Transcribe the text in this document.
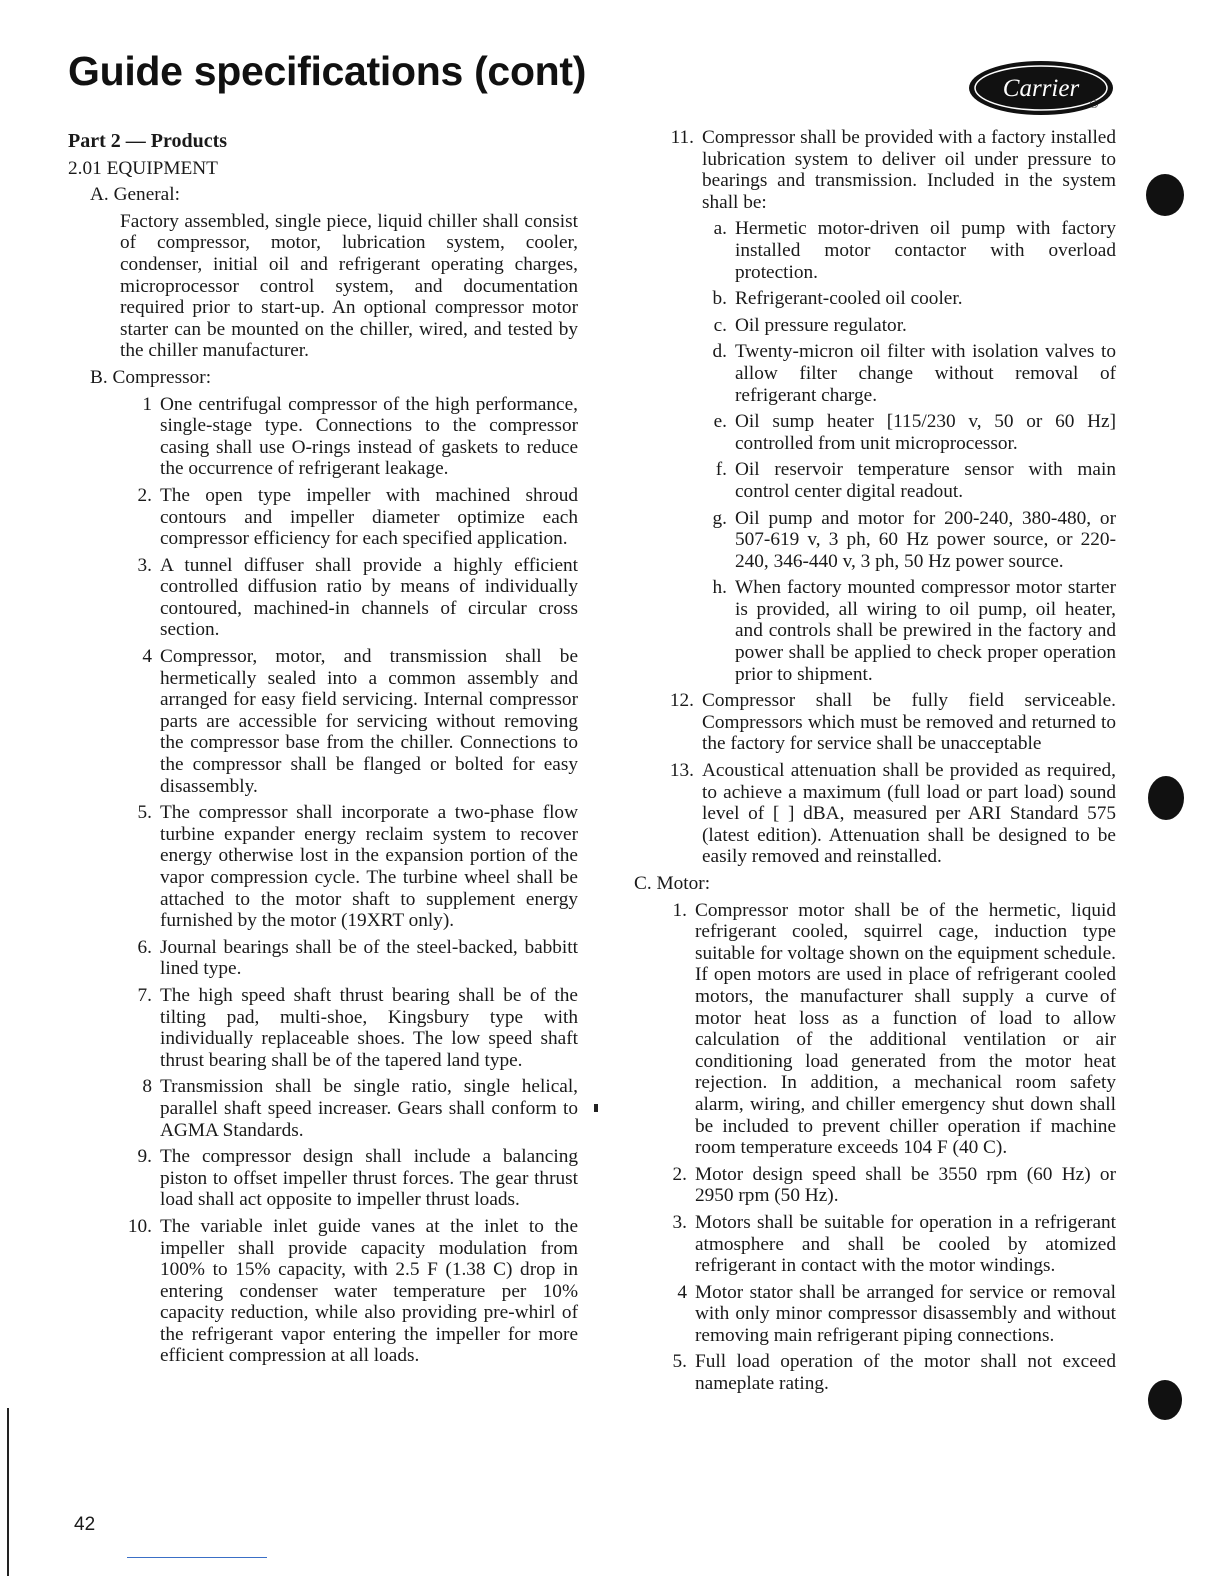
Guide specifications (cont)	Carrier
®
Part 2 — Products
2.01 EQUIPMENT
A. General:
Factory assembled, single piece, liquid chiller shall consist of compressor, motor, lubrication system, cooler, condenser, initial oil and refrigerant operating charges, microprocessor control system, and documentation required prior to start-up. An optional compressor motor starter can be mounted on the chiller, wired, and tested by the chiller manufacturer.
B. Compressor:
1 One centrifugal compressor of the high performance, single-stage type. Connections to the compressor casing shall use O-rings instead of gaskets to reduce the occurrence of refrigerant leakage.
2. The open type impeller with machined shroud contours and impeller diameter optimize each compressor efficiency for each specified application.
3. A tunnel diffuser shall provide a highly efficient controlled diffusion ratio by means of individually contoured, machined-in channels of circular cross section.
4 Compressor, motor, and transmission shall be hermetically sealed into a common assembly and arranged for easy field servicing. Internal compressor parts are accessible for servicing without removing the compressor base from the chiller. Connections to the compressor shall be flanged or bolted for easy disassembly.
5. The compressor shall incorporate a two-phase flow turbine expander energy reclaim system to recover energy otherwise lost in the expansion portion of the vapor compression cycle. The turbine wheel shall be attached to the motor shaft to supplement energy furnished by the motor (19XRT only).
6. Journal bearings shall be of the steel-backed, babbitt lined type.
7. The high speed shaft thrust bearing shall be of the tilting pad, multi-shoe, Kingsbury type with individually replaceable shoes. The low speed shaft thrust bearing shall be of the tapered land type.
8 Transmission shall be single ratio, single helical, parallel shaft speed increaser. Gears shall conform to AGMA Standards.
9. The compressor design shall include a balancing piston to offset impeller thrust forces. The gear thrust load shall act opposite to impeller thrust loads.
10. The variable inlet guide vanes at the inlet to the impeller shall provide capacity modulation from 100% to 15% capacity, with 2.5 F (1.38 C) drop in entering condenser water temperature per 10% capacity reduction, while also providing pre-whirl of the refrigerant vapor entering the impeller for more efficient compression at all loads.
11. Compressor shall be provided with a factory installed lubrication system to deliver oil under pressure to bearings and transmission. Included in the system shall be:
a. Hermetic motor-driven oil pump with factory installed motor contactor with overload protection.
b. Refrigerant-cooled oil cooler.
c. Oil pressure regulator.
d. Twenty-micron oil filter with isolation valves to allow filter change without removal of refrigerant charge.
e. Oil sump heater [115/230 v, 50 or 60 Hz] controlled from unit microprocessor.
f. Oil reservoir temperature sensor with main control center digital readout.
g. Oil pump and motor for 200-240, 380-480, or 507-619 v, 3 ph, 60 Hz power source, or 220-240, 346-440 v, 3 ph, 50 Hz power source.
h. When factory mounted compressor motor starter is provided, all wiring to oil pump, oil heater, and controls shall be prewired in the factory and power shall be applied to check proper operation prior to shipment.
12. Compressor shall be fully field serviceable. Compressors which must be removed and returned to the factory for service shall be unacceptable
13. Acoustical attenuation shall be provided as required, to achieve a maximum (full load or part load) sound level of [ ] dBA, measured per ARI Standard 575 (latest edition). Attenuation shall be designed to be easily removed and reinstalled.
C. Motor:
1. Compressor motor shall be of the hermetic, liquid refrigerant cooled, squirrel cage, induction type suitable for voltage shown on the equipment schedule. If open motors are used in place of refrigerant cooled motors, the manufacturer shall supply a curve of motor heat loss as a function of load to allow calculation of the additional ventilation or air conditioning load generated from the motor heat rejection. In addition, a mechanical room safety alarm, wiring, and chiller emergency shut down shall be included to prevent chiller operation if machine room temperature exceeds 104 F (40 C).
2. Motor design speed shall be 3550 rpm (60 Hz) or 2950 rpm (50 Hz).
3. Motors shall be suitable for operation in a refrigerant atmosphere and shall be cooled by atomized refrigerant in contact with the motor windings.
4 Motor stator shall be arranged for service or removal with only minor compressor disassembly and without removing main refrigerant piping connections.
5. Full load operation of the motor shall not exceed nameplate rating.
42
